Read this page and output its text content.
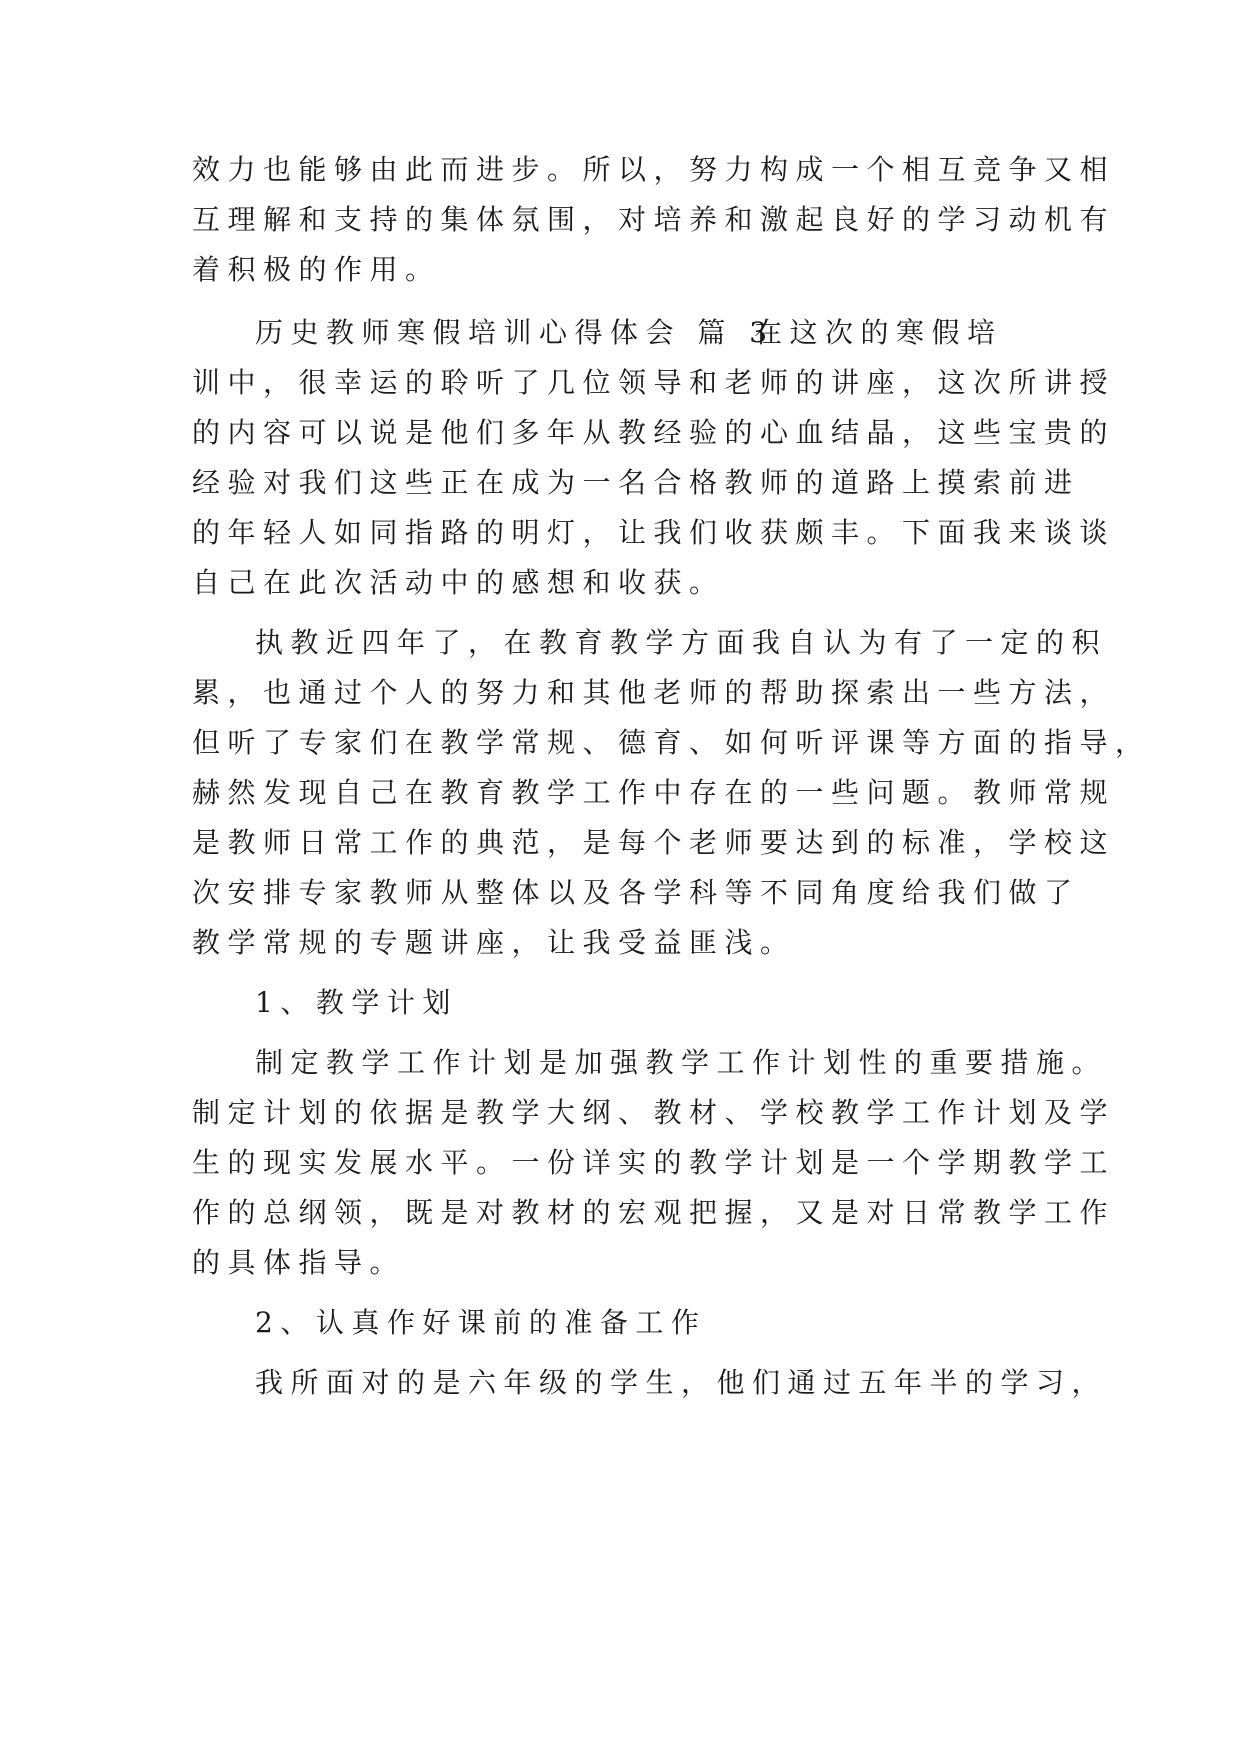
效力也能够由此而进步。所以，努力构成一个相互竞争又相
互理解和支持的集体氛围，对培养和激起良好的学习动机有
着积极的作用。
历史教师寒假培训心得体会 篇 3
在这次的寒假培
训中，很幸运的聆听了几位领导和老师的讲座，这次所讲授
的内容可以说是他们多年从教经验的心血结晶，这些宝贵的
经验对我们这些正在成为一名合格教师的道路上摸索前进
的年轻人如同指路的明灯，让我们收获颇丰。下面我来谈谈
自己在此次活动中的感想和收获。
执教近四年了，在教育教学方面我自认为有了一定的积
累，也通过个人的努力和其他老师的帮助探索出一些方法，
但听了专家们在教学常规、德育、如何听评课等方面的指导，
赫然发现自己在教育教学工作中存在的一些问题。教师常规
是教师日常工作的典范，是每个老师要达到的标准，学校这
次安排专家教师从整体以及各学科等不同角度给我们做了
教学常规的专题讲座，让我受益匪浅。
1、教学计划
制定教学工作计划是加强教学工作计划性的重要措施。
制定计划的依据是教学大纲、教材、学校教学工作计划及学
生的现实发展水平。一份详实的教学计划是一个学期教学工
作的总纲领，既是对教材的宏观把握，又是对日常教学工作
的具体指导。
2、认真作好课前的准备工作
我所面对的是六年级的学生，他们通过五年半的学习，
